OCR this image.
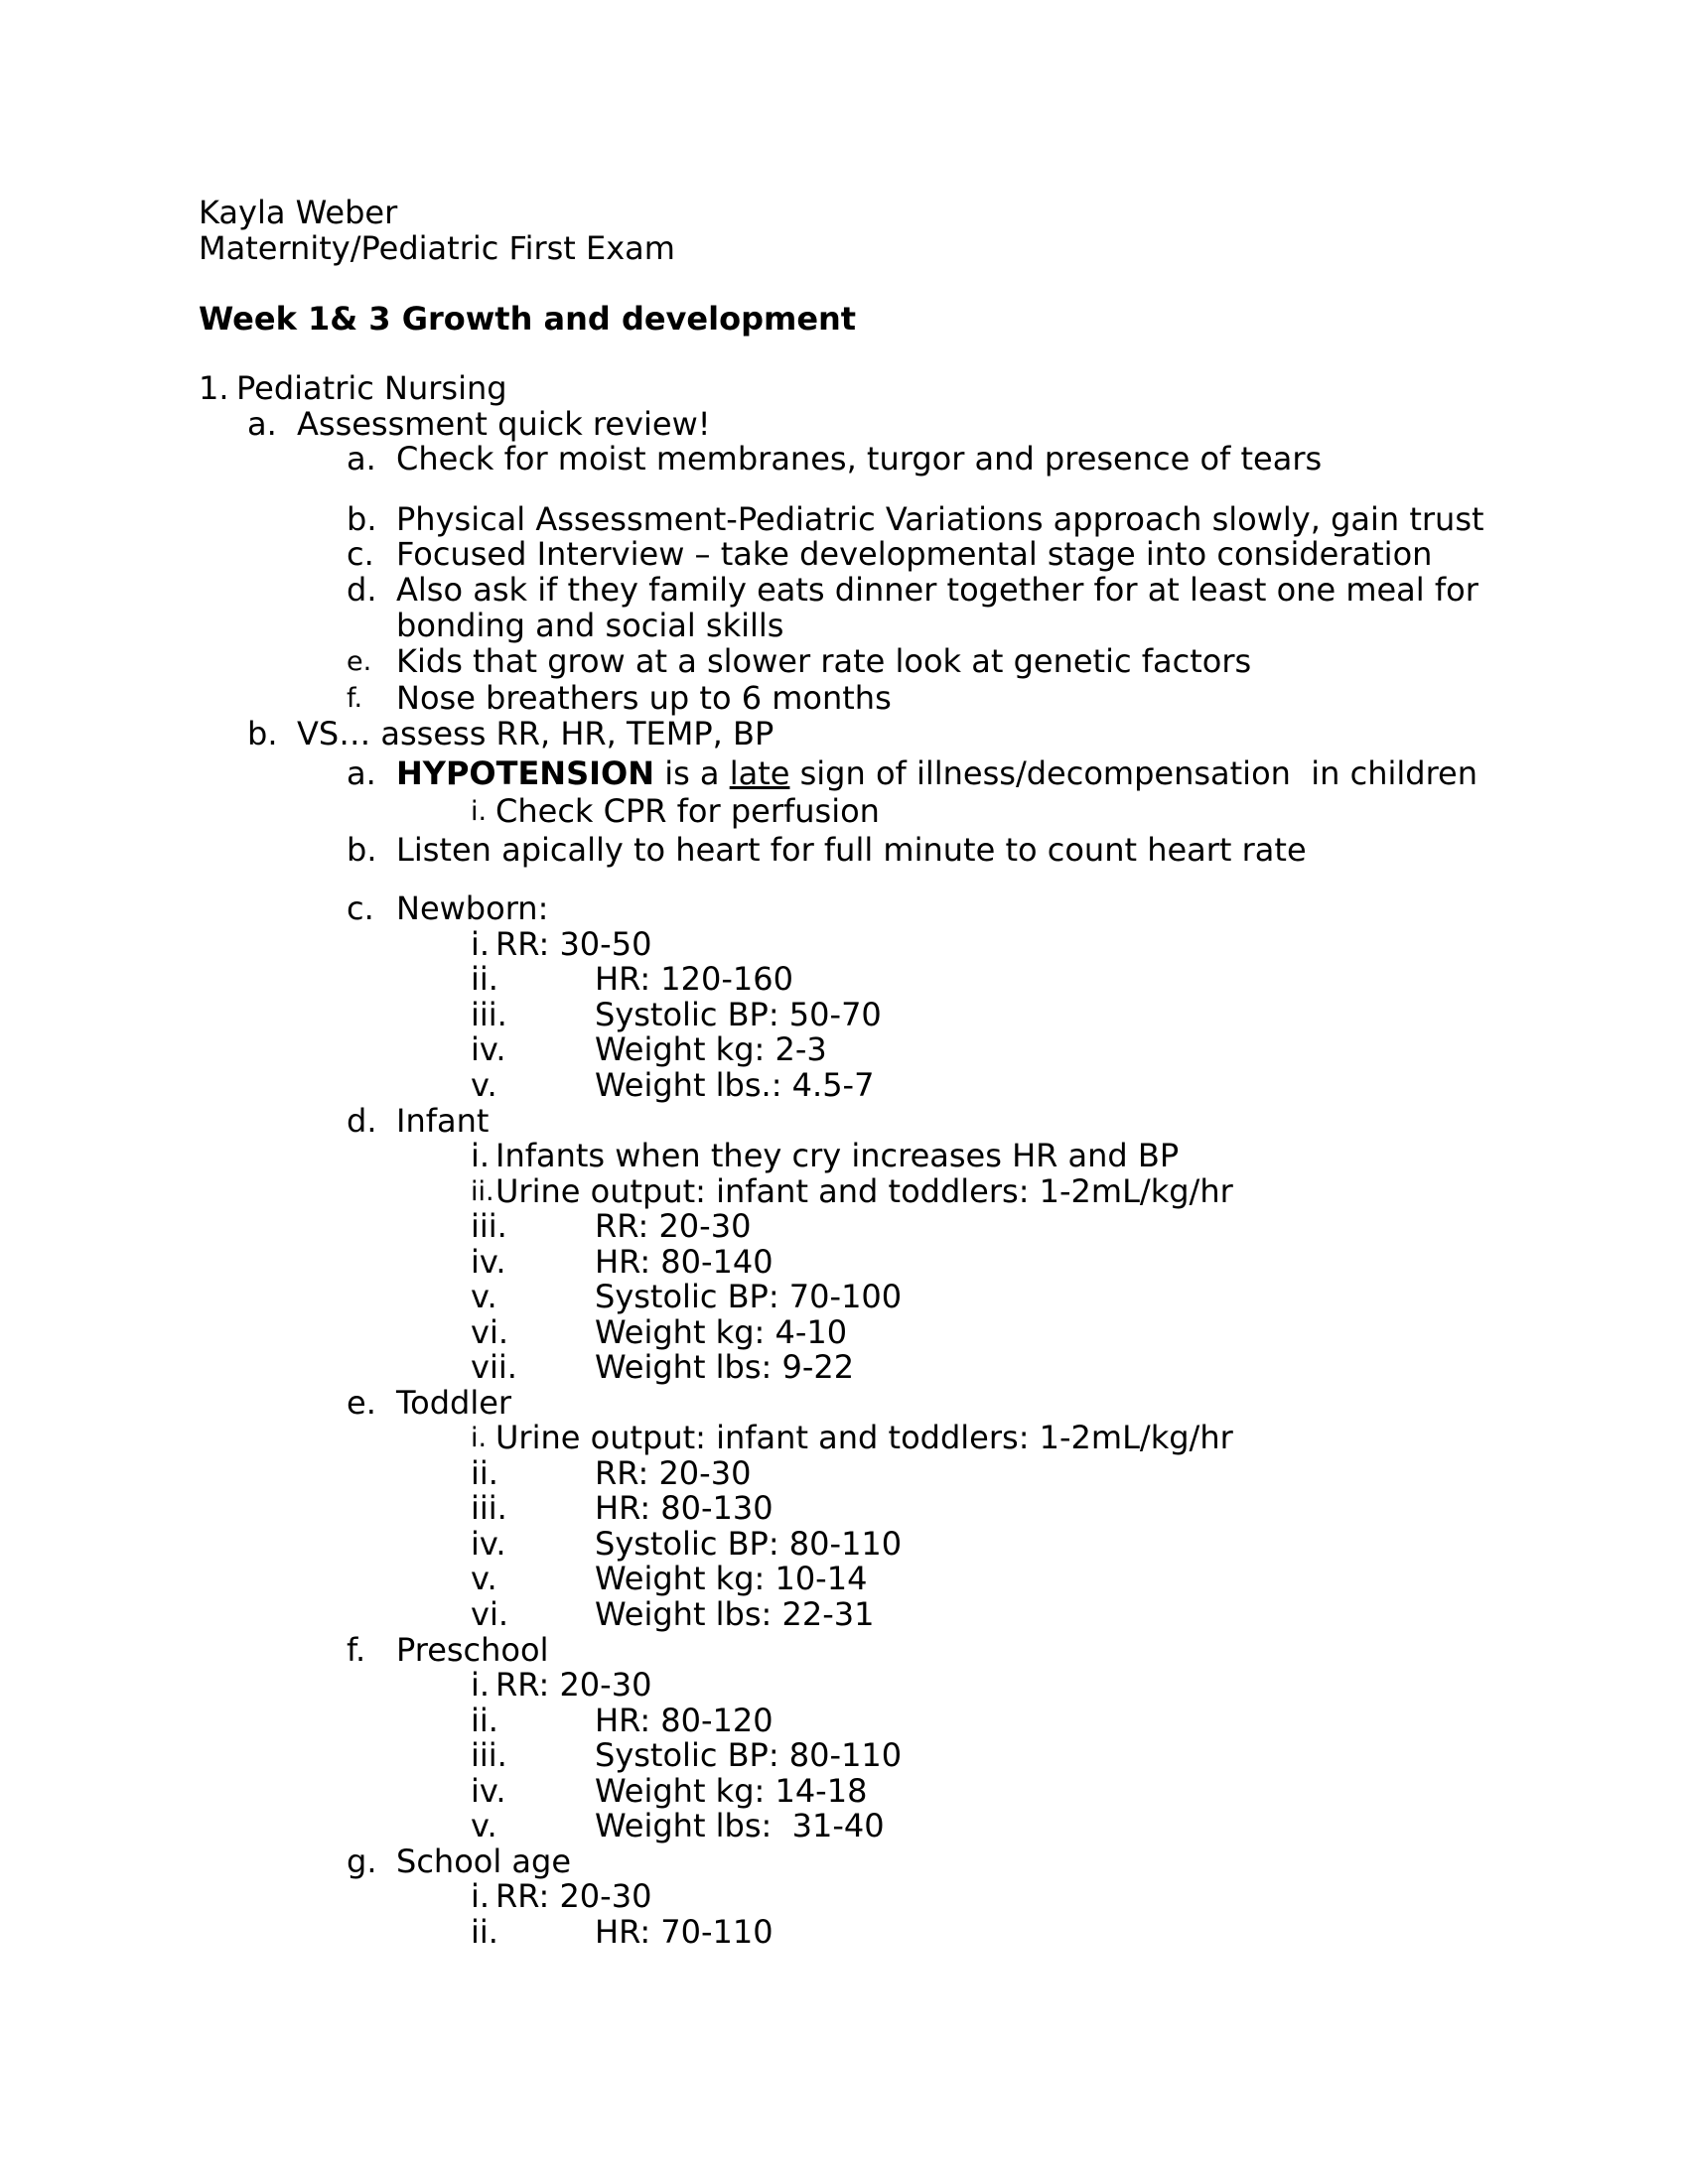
Kayla Weber
Maternity/Pediatric First Exam
Week 1& 3 Growth and development
1. Pediatric Nursing
a. Assessment quick review!
a. Check for moist membranes, turgor and presence of tears
b. Physical Assessment-Pediatric Variations approach slowly, gain trust
c. Focused Interview – take developmental stage into consideration
d. Also ask if they family eats dinner together for at least one meal for
bonding and social skills
e. Kids that grow at a slower rate look at genetic factors
f. Nose breathers up to 6 months
b. VS… assess RR, HR, TEMP, BP
a. HYPOTENSION is a late sign of illness/decompensation  in children
i. Check CPR for perfusion
b. Listen apically to heart for full minute to count heart rate
c. Newborn:
i. RR: 30-50
ii.	HR: 120-160
iii.	Systolic BP: 50-70
iv.	Weight kg: 2-3
v.	Weight lbs.: 4.5-7
d. Infant
i. Infants when they cry increases HR and BP
ii. Urine output: infant and toddlers: 1-2mL/kg/hr
iii.	RR: 20-30
iv.	HR: 80-140
v.	Systolic BP: 70-100
vi.	Weight kg: 4-10
vii. Weight lbs: 9-22
e. Toddler
i. Urine output: infant and toddlers: 1-2mL/kg/hr
ii.	RR: 20-30
iii.	HR: 80-130
iv.	Systolic BP: 80-110
v.	Weight kg: 10-14
vi.	Weight lbs: 22-31
f. Preschool
i. RR: 20-30
ii.	HR: 80-120
iii.	Systolic BP: 80-110
iv.	Weight kg: 14-18
v.	Weight lbs:  31-40
g. School age
i. RR: 20-30
ii.	HR: 70-110
